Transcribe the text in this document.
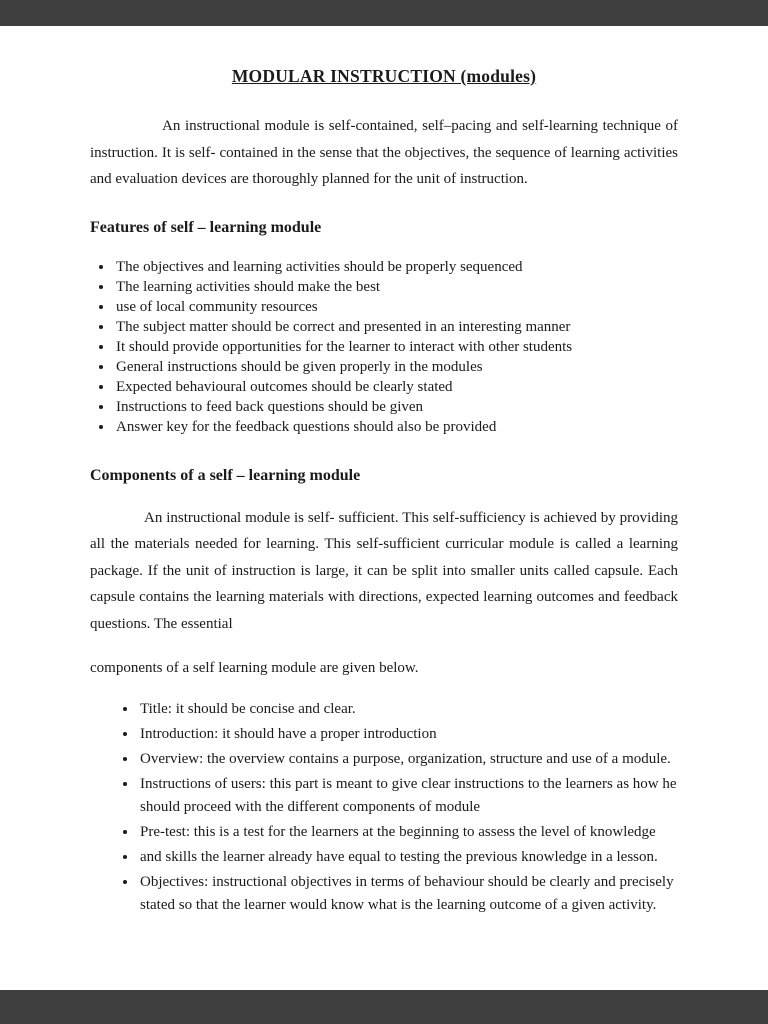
MODULAR INSTRUCTION (modules)

An instructional module is self-contained, self–pacing and self-learning technique of instruction. It is self- contained in the sense that the objectives, the sequence of learning activities and evaluation devices are thoroughly planned for the unit of instruction.

Features of self – learning module
• The objectives and learning activities should be properly sequenced
• The learning activities should make the best
• use of local community resources
• The subject matter should be correct and presented in an interesting manner
• It should provide opportunities for the learner to interact with other students
• General instructions should be given properly in the modules
• Expected behavioural outcomes should be clearly stated
• Instructions to feed back questions should be given
• Answer key for the feedback questions should also be provided
Components of a self – learning module

An instructional module is self- sufficient. This self-sufficiency is achieved by providing all the materials needed for learning. This self-sufficient curricular module is called a learning package. If the unit of instruction is large, it can be split into smaller units called capsule. Each capsule contains the learning materials with directions, expected learning outcomes and feedback questions. The essential

components of a self learning module are given below.

• Title: it should be concise and clear.
• Introduction: it should have a proper introduction
• Overview: the overview contains a purpose, organization, structure and use of a module.
• Instructions of users: this part is meant to give clear instructions to the learners as how he should proceed with the different components of module
• Pre-test: this is a test for the learners at the beginning to assess the level of knowledge
• and skills the learner already have equal to testing the previous knowledge in a lesson.
• Objectives: instructional objectives in terms of behaviour should be clearly and precisely stated so that the learner would know what is the learning outcome of a given activity.
